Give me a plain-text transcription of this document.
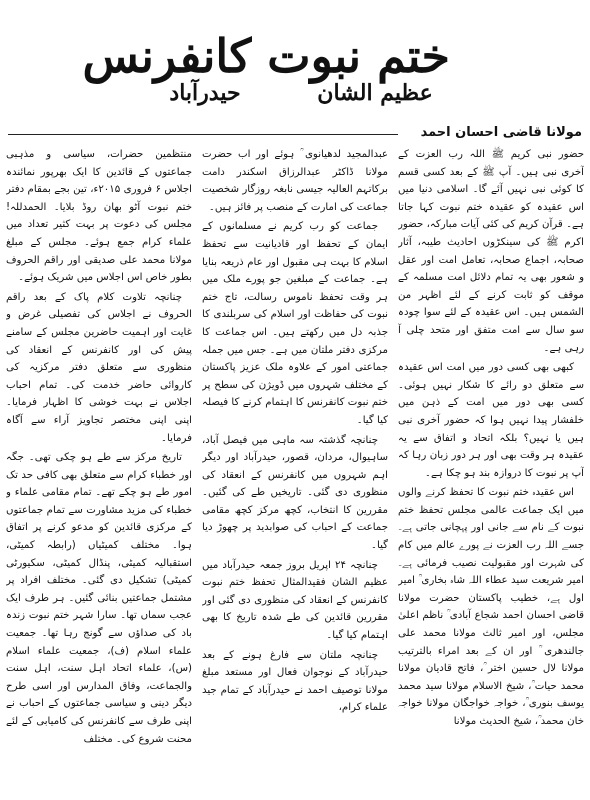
ختم نبوت کانفرنس
عظیم الشان
حیدرآباد
مولانا قاضی احسان احمد

حضور نبی کریم ﷺ اللہ رب العزت کے آخری نبی ہیں۔ آپ ﷺ کے بعد کسی قسم کا کوئی نبی نہیں آئے گا۔ اسلامی دنیا میں اس عقیدہ کو عقیدہ ختم نبوت کہا جاتا ہے۔ قرآن کریم کی کئی آیات مبارکہ، حضور اکرم ﷺ کی سینکڑوں احادیث طیبہ، آثار صحابہ، اجماع صحابہ، تعامل امت اور عقل و شعور بھی یہ تمام دلائل امت مسلمہ کے موقف کو ثابت کرنے کے لئے اظہر من الشمس ہیں۔ اس عقیدہ کے لئے سوا چودہ سو سال سے امت متفق اور متحد چلی آ رہی ہے۔

کبھی بھی کسی دور میں امت اس عقیدہ سے متعلق دو رائے کا شکار نہیں ہوئی۔ کسی بھی دور میں امت کے ذہن میں خلفشار پیدا نہیں ہوا کہ حضور آخری نبی ہیں یا نہیں؟ بلکہ اتحاد و اتفاق سے یہ عقیدہ ہر وقت بھی اور ہر دور زبان رہا کہ آپ پر نبوت کا دروازہ بند ہو چکا ہے۔

اس عقیدہ ختم نبوت کا تحفظ کرنے والوں میں ایک جماعت عالمی مجلس تحفظ ختم نبوت کے نام سے جانی اور پہچانی جاتی ہے۔ جسے اللہ رب العزت نے پورے عالم میں کام کی شہرت اور مقبولیت نصیب فرمائی ہے۔ امیر شریعت سید عطاء اللہ شاہ بخاری ؒ امیر اول ہے، خطیب پاکستان حضرت مولانا قاضی احسان احمد شجاع آبادی ؒ ناظم اعلیٰ مجلس، اور امیر ثالث مولانا محمد علی جالندھری ؒ اور ان کے بعد امراء بالترتیب مولانا لال حسین اختر ؒ، فاتح قادیان مولانا محمد حیات ؒ، شیخ الاسلام مولانا سید محمد یوسف بنوری ؒ، خواجہ خواجگان مولانا خواجہ خان محمد ؒ، شیخ الحدیث مولانا

عبدالمجید لدھیانوی ؒ ہوئے اور اب حضرت مولانا ڈاکٹر عبدالرزاق اسکندر دامت برکاتہم العالیہ جیسی نابغہ روزگار شخصیت جماعت کی امارت کے منصب پر فائز ہیں۔

جماعت کو رب کریم نے مسلمانوں کے ایمان کے تحفظ اور قادیانیت سے تحفظ اسلام کا بہت ہی مقبول اور عام ذریعہ بنایا ہے۔ جماعت کے مبلغین جو پورے ملک میں ہر وقت تحفظ ناموس رسالت، تاج ختم نبوت کی حفاظت اور اسلام کی سربلندی کا جذبہ دل میں رکھتے ہیں۔ اس جماعت کا مرکزی دفتر ملتان میں ہے۔ جس میں جملہ جماعتی امور کے علاوہ ملک عزیز پاکستان کے مختلف شہروں میں ڈویژن کی سطح پر ختم نبوت کانفرنس کا اہتمام کرنے کا فیصلہ کیا گیا۔

چنانچہ گذشتہ سہ ماہی میں فیصل آباد، ساہیوال، مردان، قصور، حیدرآباد اور دیگر اہم شہروں میں کانفرنس کے انعقاد کی منظوری دی گئی۔ تاریخیں طے کی گئیں۔ مقررین کا انتخاب، کچھ مرکز کچھ مقامی جماعت کے احباب کی صوابدید پر چھوڑ دیا گیا۔

چنانچہ ۲۴ اپریل بروز جمعہ حیدرآباد میں عظیم الشان فقیدالمثال تحفظ ختم نبوت کانفرنس کے انعقاد کی منظوری دی گئی اور مقررین قائدین کی طے شدہ تاریخ کا بھی اہتمام کیا گیا۔

چنانچہ ملتان سے فارغ ہونے کے بعد حیدرآباد کے نوجوان فعال اور مستعد مبلغ مولانا توصیف احمد نے حیدرآباد کے تمام جید علماء کرام،

منتظمین حضرات، سیاسی و مذہبی جماعتوں کے قائدین کا ایک بھرپور نمائندہ اجلاس ۶ فروری ۲۰۱۵ء، تین بجے بمقام دفتر ختم نبوت آٹو بھان روڈ بلایا۔ الحمدللہ! مجلس کی دعوت پر بہت کثیر تعداد میں علماء کرام جمع ہوئے۔ مجلس کے مبلغ مولانا محمد علی صدیقی اور راقم الحروف بطور خاص اس اجلاس میں شریک ہوئے۔

چنانچہ تلاوت کلام پاک کے بعد راقم الحروف نے اجلاس کی تفصیلی غرض و غایت اور اہمیت حاضرین مجلس کے سامنے پیش کی اور کانفرنس کے انعقاد کی منظوری سے متعلق دفتر مرکزیہ کی کاروائی حاضر خدمت کی۔ تمام احباب اجلاس نے بہت خوشی کا اظہار فرمایا۔ اپنی اپنی مختصر تجاویز آراء سے آگاہ فرمایا۔

تاریخ مرکز سے طے ہو چکی تھی۔ جگہ اور خطباء کرام سے متعلق بھی کافی حد تک امور طے ہو چکے تھے۔ تمام مقامی علماء و خطباء کی مزید مشاورت سے تمام جماعتوں کے مرکزی قائدین کو مدعو کرنے پر اتفاق ہوا۔ مختلف کمیٹیاں (رابطہ کمیٹی، استقبالیہ کمیٹی، پنڈال کمیٹی، سکیورٹی کمیٹی) تشکیل دی گئی۔ مختلف افراد پر مشتمل جماعتیں بنائی گئیں۔ ہر طرف ایک عجب سماں تھا۔ سارا شہر ختم نبوت زندہ باد کی صداؤں سے گونج رہا تھا۔ جمعیت علماء اسلام (ف)، جمعیت علماء اسلام (س)، علماء اتحاد اہل سنت، اہل سنت والجماعت، وفاق المدارس اور اسی طرح دیگر دینی و سیاسی جماعتوں کے احباب نے اپنی طرف سے کانفرنس کی کامیابی کے لئے محنت شروع کی۔ مختلف
